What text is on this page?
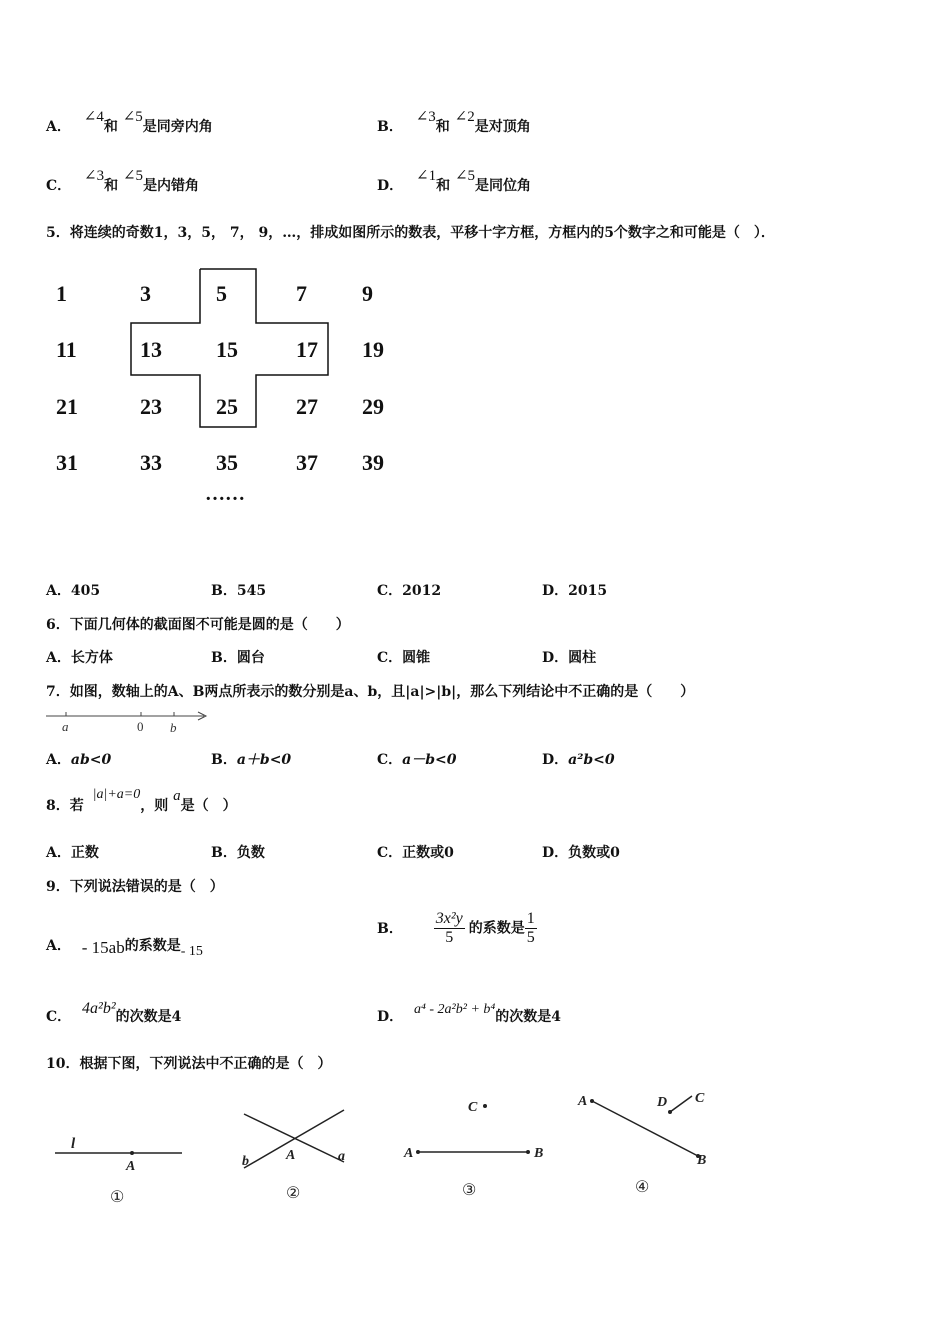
A． ∠4和 ∠5是同旁内角	B． ∠3和 ∠2是对顶角
C． ∠3和 ∠5是内错角	D． ∠1和 ∠5是同位角
5．将连续的奇数1，3，5， 7， 9，…，排成如图所示的数表，平移十字方框，方框内的5个数字之和可能是（　）．
1	3	5	7	9
11	13 15	17 19
21	23 25	27 29
31	33 35	37 39
……
A．405	B．545	C．2012	D．2015
6．下面几何体的截面图不可能是圆的是（　　）
A．长方体	B．圆台	C．圆锥	D．圆柱
7．如图，数轴上的A、B两点所表示的数分别是a、b，且|a|>|b|，那么下列结论中不正确的是（　　）
a	0 b
A．ab<0	B．a＋b<0	C．a－b<0	D．a²b<0
8．若 |a|+a=0，则 a是（　）
A．正数	B．负数	C．正数或0	D．负数或0
9．下列说法错误的是（　）
A． - 15ab的系数是- 15
B． $\frac{\text{3x²y}}{5}$ 的系数是 $\frac{1}{5}$
C． 4a²b²的次数是4	D． a⁴ - 2a²b² + b⁴的次数是4
10．根据下图，下列说法中不正确的是（　）
l
A
①
b	A	a
②
C
A	B
③
A	D C
B
④
